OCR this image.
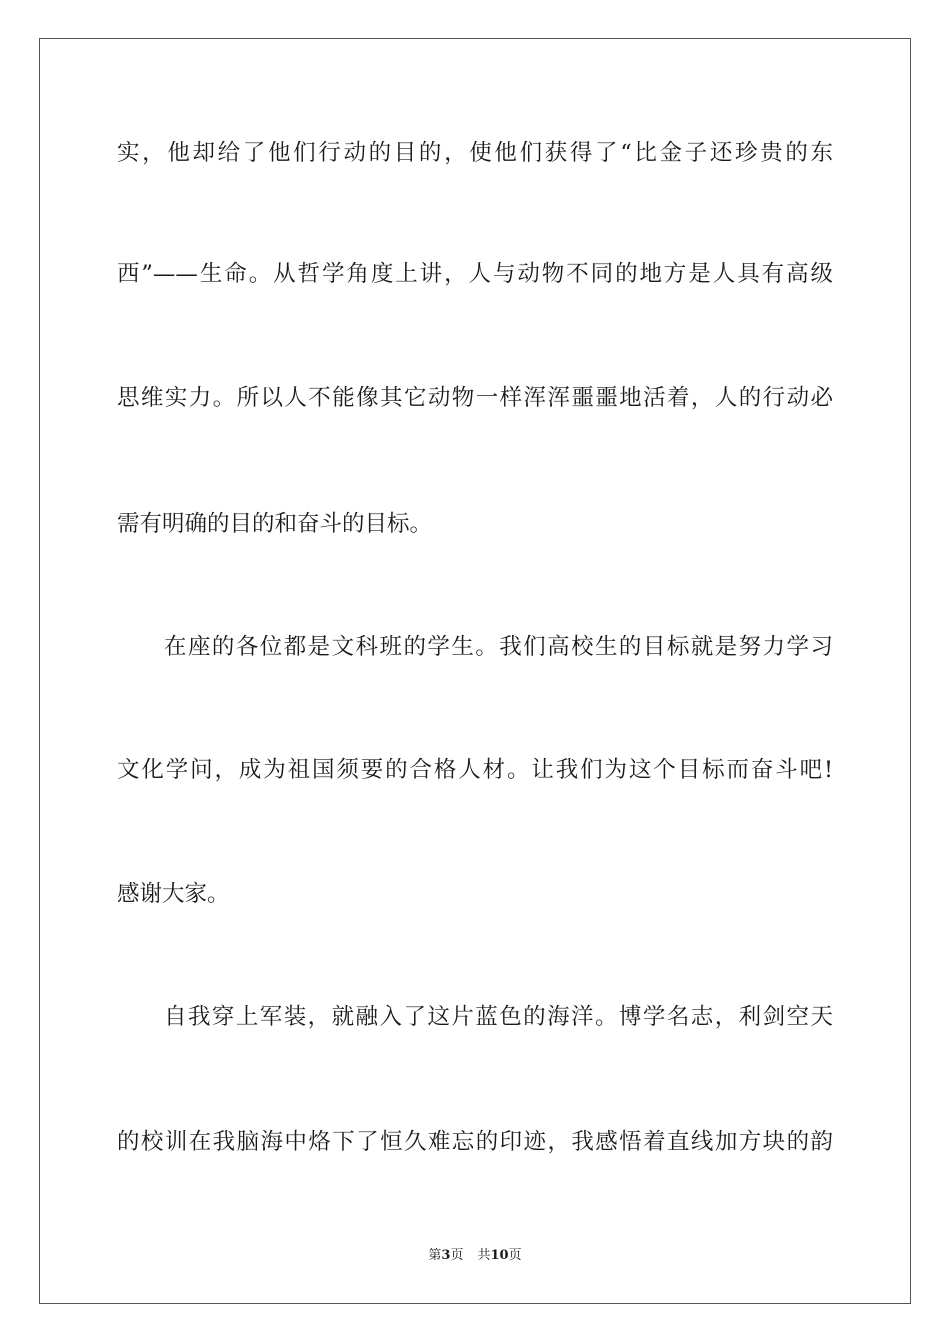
实，他却给了他们行动的目的，使他们获得了“比金子还珍贵的东
西”——生命。从哲学角度上讲，人与动物不同的地方是人具有高级
思维实力。所以人不能像其它动物一样浑浑噩噩地活着，人的行动必
需有明确的目的和奋斗的目标。
在座的各位都是文科班的学生。我们高校生的目标就是努力学习
文化学问，成为祖国须要的合格人材。让我们为这个目标而奋斗吧!
感谢大家。
自我穿上军装，就融入了这片蓝色的海洋。博学名志，利剑空天
的校训在我脑海中烙下了恒久难忘的印迹，我感悟着直线加方块的韵
第3页 共10页
